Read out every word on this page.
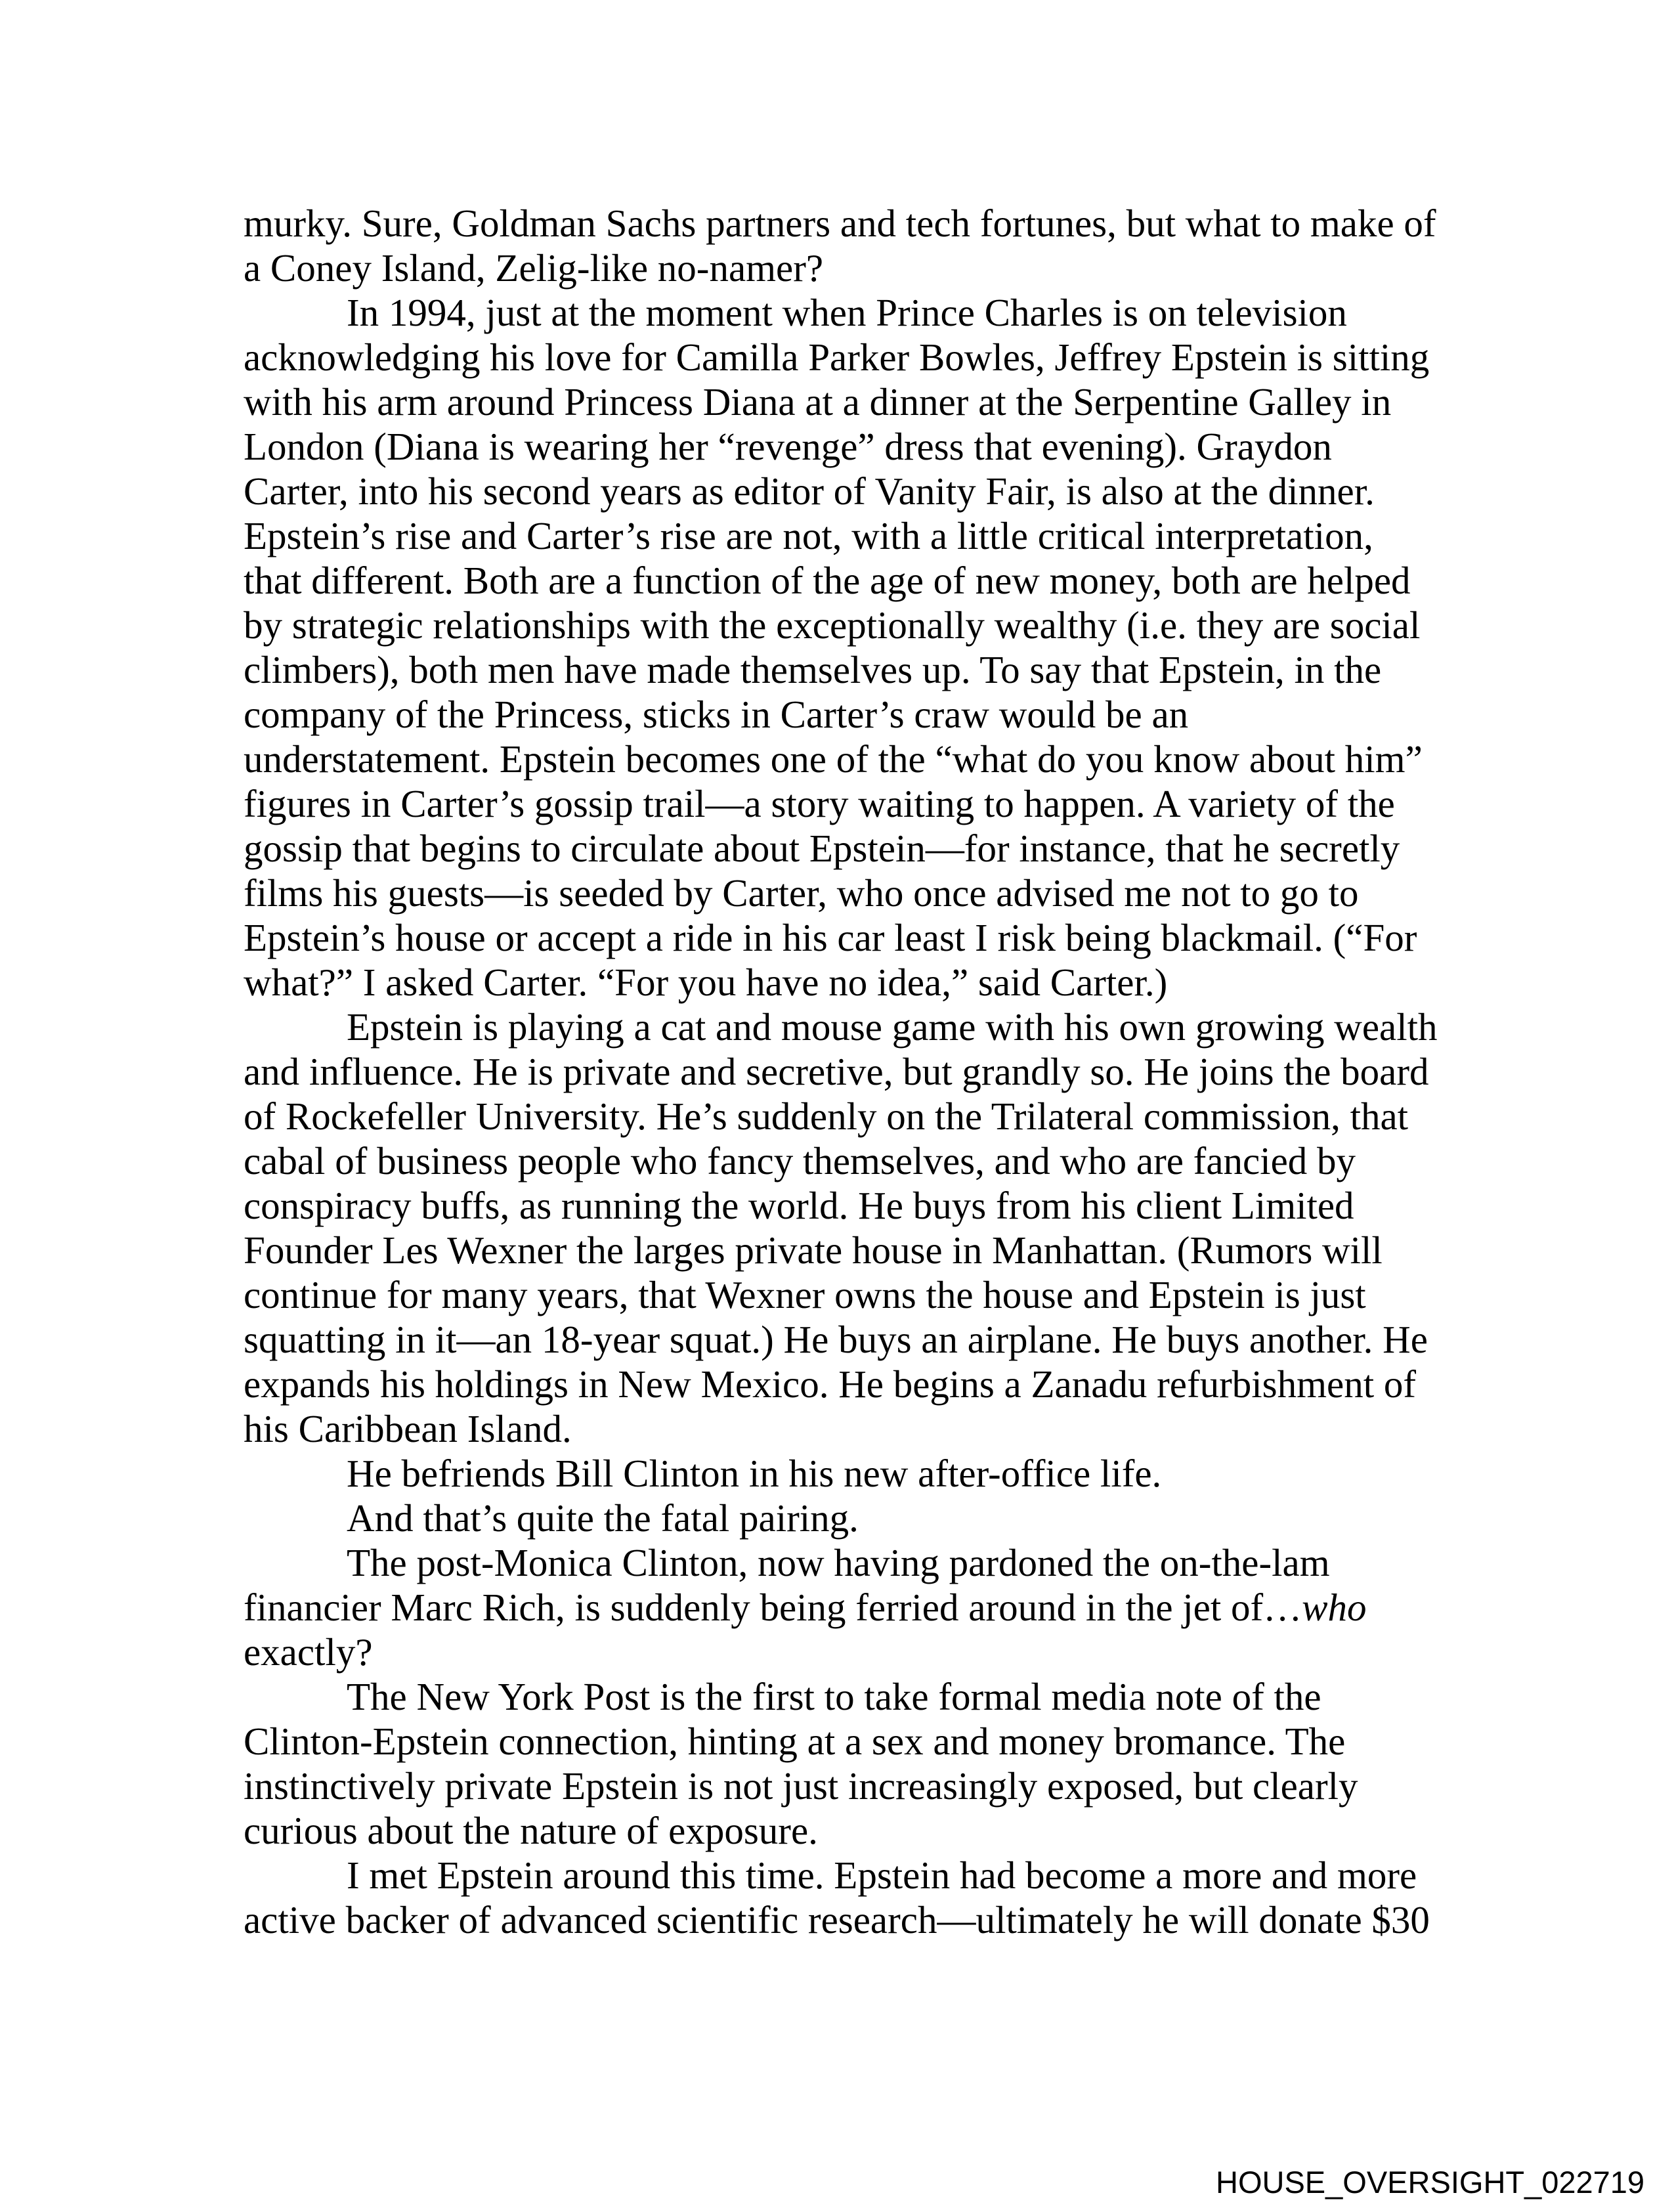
murky. Sure, Goldman Sachs partners and tech fortunes, but what to make of
a Coney Island, Zelig-like no-namer?
In 1994, just at the moment when Prince Charles is on television
acknowledging his love for Camilla Parker Bowles, Jeffrey Epstein is sitting
with his arm around Princess Diana at a dinner at the Serpentine Galley in
London (Diana is wearing her “revenge” dress that evening). Graydon
Carter, into his second years as editor of Vanity Fair, is also at the dinner.
Epstein’s rise and Carter’s rise are not, with a little critical interpretation,
that different. Both are a function of the age of new money, both are helped
by strategic relationships with the exceptionally wealthy (i.e. they are social
climbers), both men have made themselves up. To say that Epstein, in the
company of the Princess, sticks in Carter’s craw would be an
understatement. Epstein becomes one of the “what do you know about him”
figures in Carter’s gossip trail—a story waiting to happen. A variety of the
gossip that begins to circulate about Epstein—for instance, that he secretly
films his guests—is seeded by Carter, who once advised me not to go to
Epstein’s house or accept a ride in his car least I risk being blackmail. (“For
what?” I asked Carter. “For you have no idea,” said Carter.)
Epstein is playing a cat and mouse game with his own growing wealth
and influence. He is private and secretive, but grandly so. He joins the board
of Rockefeller University. He’s suddenly on the Trilateral commission, that
cabal of business people who fancy themselves, and who are fancied by
conspiracy buffs, as running the world. He buys from his client Limited
Founder Les Wexner the larges private house in Manhattan. (Rumors will
continue for many years, that Wexner owns the house and Epstein is just
squatting in it—an 18-year squat.) He buys an airplane. He buys another. He
expands his holdings in New Mexico. He begins a Zanadu refurbishment of
his Caribbean Island.
He befriends Bill Clinton in his new after-office life.
And that’s quite the fatal pairing.
The post-Monica Clinton, now having pardoned the on-the-lam
financier Marc Rich, is suddenly being ferried around in the jet of…who
exactly?
The New York Post is the first to take formal media note of the
Clinton-Epstein connection, hinting at a sex and money bromance. The
instinctively private Epstein is not just increasingly exposed, but clearly
curious about the nature of exposure.
I met Epstein around this time. Epstein had become a more and more
active backer of advanced scientific research—ultimately he will donate $30
HOUSE_OVERSIGHT_022719
